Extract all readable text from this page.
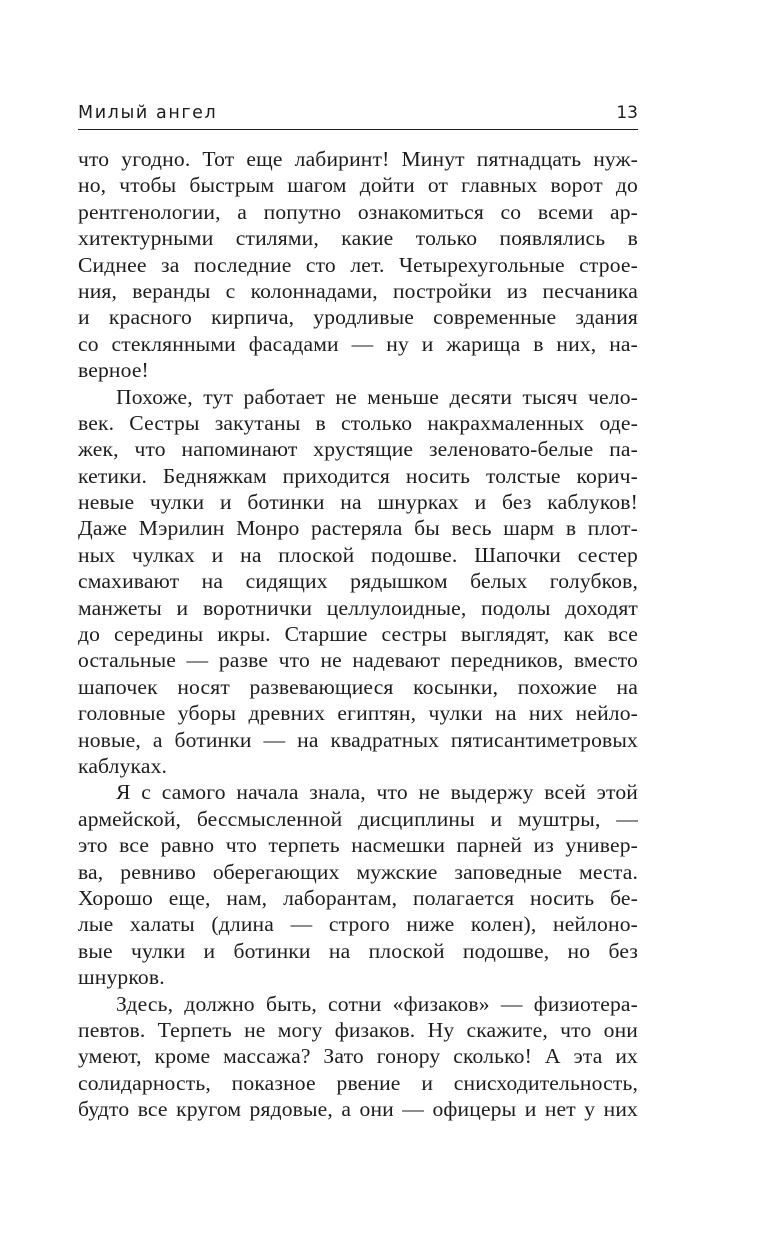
Милый ангел	13
что угодно. Тот еще лабиринт! Минут пятнадцать нуж-
но, чтобы быстрым шагом дойти от главных ворот до
рентгенологии, а попутно ознакомиться со всеми ар-
хитектурными стилями, какие только появлялись в
Сиднее за последние сто лет. Четырехугольные строе-
ния, веранды с колоннадами, постройки из песчаника
и красного кирпича, уродливые современные здания
со стеклянными фасадами — ну и жарища в них, на-
верное!
Похоже, тут работает не меньше десяти тысяч чело-
век. Сестры закутаны в столько накрахмаленных оде-
жек, что напоминают хрустящие зеленовато-белые па-
кетики. Бедняжкам приходится носить толстые корич-
невые чулки и ботинки на шнурках и без каблуков!
Даже Мэрилин Монро растеряла бы весь шарм в плот-
ных чулках и на плоской подошве. Шапочки сестер
смахивают на сидящих рядышком белых голубков,
манжеты и воротнички целлулоидные, подолы доходят
до середины икры. Старшие сестры выглядят, как все
остальные — разве что не надевают передников, вместо
шапочек носят развевающиеся косынки, похожие на
головные уборы древних египтян, чулки на них нейло-
новые, а ботинки — на квадратных пятисантиметровых
каблуках.
Я с самого начала знала, что не выдержу всей этой
армейской, бессмысленной дисциплины и муштры, —
это все равно что терпеть насмешки парней из универ-
ва, ревниво оберегающих мужские заповедные места.
Хорошо еще, нам, лаборантам, полагается носить бе-
лые халаты (длина — строго ниже колен), нейлоно-
вые чулки и ботинки на плоской подошве, но без
шнурков.
Здесь, должно быть, сотни «физаков» — физиотера-
певтов. Терпеть не могу физаков. Ну скажите, что они
умеют, кроме массажа? Зато гонору сколько! А эта их
солидарность, показное рвение и снисходительность,
будто все кругом рядовые, а они — офицеры и нет у них
